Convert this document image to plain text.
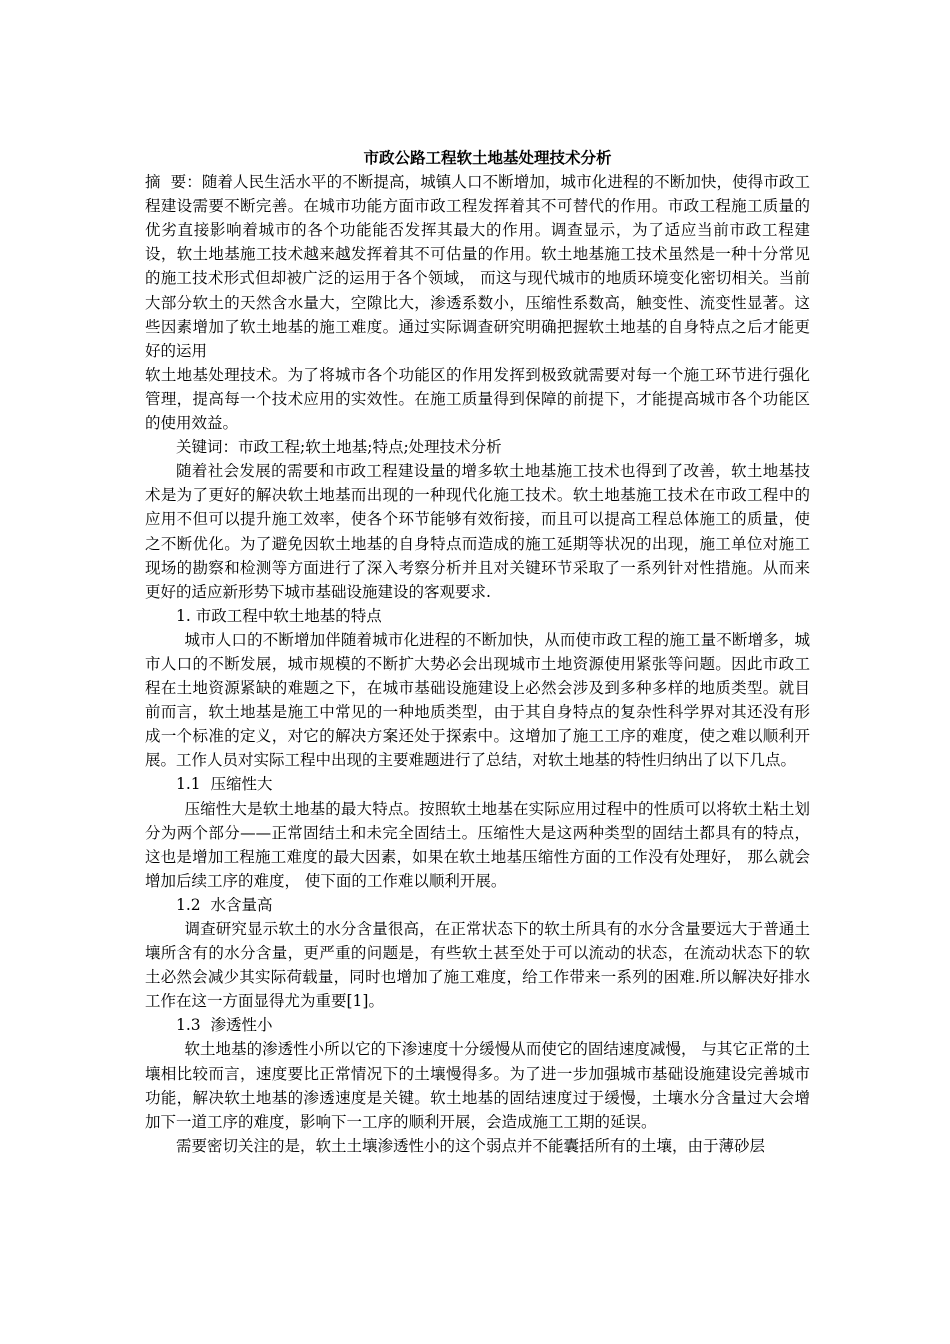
市政公路工程软土地基处理技术分析

摘  要：随着人民生活水平的不断提高，城镇人口不断增加，城市化进程的不断加快，使得市政工程建设需要不断完善。在城市功能方面市政工程发挥着其不可替代的作用。市政工程施工质量的优劣直接影响着城市的各个功能能否发挥其最大的作用。调查显示，为了适应当前市政工程建设，软土地基施工技术越来越发挥着其不可估量的作用。软土地基施工技术虽然是一种十分常见的施工技术形式但却被广泛的运用于各个领域， 而这与现代城市的地质环境变化密切相关。当前大部分软土的天然含水量大，空隙比大，渗透系数小，压缩性系数高，触变性、流变性显著。这些因素增加了软土地基的施工难度。通过实际调查研究明确把握软土地基的自身特点之后才能更好的运用

软土地基处理技术。为了将城市各个功能区的作用发挥到极致就需要对每一个施工环节进行强化管理，提高每一个技术应用的实效性。在施工质量得到保障的前提下，才能提高城市各个功能区的使用效益。

关键词：市政工程;软土地基;特点;处理技术分析

随着社会发展的需要和市政工程建设量的增多软土地基施工技术也得到了改善，软土地基技术是为了更好的解决软土地基而出现的一种现代化施工技术。软土地基施工技术在市政工程中的应用不但可以提升施工效率，使各个环节能够有效衔接，而且可以提高工程总体施工的质量，使之不断优化。为了避免因软土地基的自身特点而造成的施工延期等状况的出现，施工单位对施工现场的勘察和检测等方面进行了深入考察分析并且对关键环节采取了一系列针对性措施。从而来更好的适应新形势下城市基础设施建设的客观要求.

1. 市政工程中软土地基的特点

城市人口的不断增加伴随着城市化进程的不断加快，从而使市政工程的施工量不断增多，城市人口的不断发展，城市规模的不断扩大势必会出现城市土地资源使用紧张等问题。因此市政工程在土地资源紧缺的难题之下，在城市基础设施建设上必然会涉及到多种多样的地质类型。就目前而言，软土地基是施工中常见的一种地质类型，由于其自身特点的复杂性科学界对其还没有形成一个标准的定义，对它的解决方案还处于探索中。这增加了施工工序的难度，使之难以顺利开展。工作人员对实际工程中出现的主要难题进行了总结，对软土地基的特性归纳出了以下几点。

1.1  压缩性大

压缩性大是软土地基的最大特点。按照软土地基在实际应用过程中的性质可以将软土粘土划分为两个部分——正常固结土和未完全固结土。压缩性大是这两种类型的固结土都具有的特点，这也是增加工程施工难度的最大因素，如果在软土地基压缩性方面的工作没有处理好， 那么就会增加后续工序的难度， 使下面的工作难以顺利开展。

1.2  水含量高

调查研究显示软土的水分含量很高，在正常状态下的软土所具有的水分含量要远大于普通土壤所含有的水分含量，更严重的问题是，有些软土甚至处于可以流动的状态，在流动状态下的软土必然会减少其实际荷载量，同时也增加了施工难度，给工作带来一系列的困难.所以解决好排水工作在这一方面显得尤为重要[1]。

1.3  渗透性小

软土地基的渗透性小所以它的下渗速度十分缓慢从而使它的固结速度减慢， 与其它正常的土壤相比较而言，速度要比正常情况下的土壤慢得多。为了进一步加强城市基础设施建设完善城市功能，解决软土地基的渗透速度是关键。软土地基的固结速度过于缓慢，土壤水分含量过大会增加下一道工序的难度，影响下一工序的顺利开展，会造成施工工期的延误。

需要密切关注的是，软土土壤渗透性小的这个弱点并不能囊括所有的土壤，由于薄砂层
